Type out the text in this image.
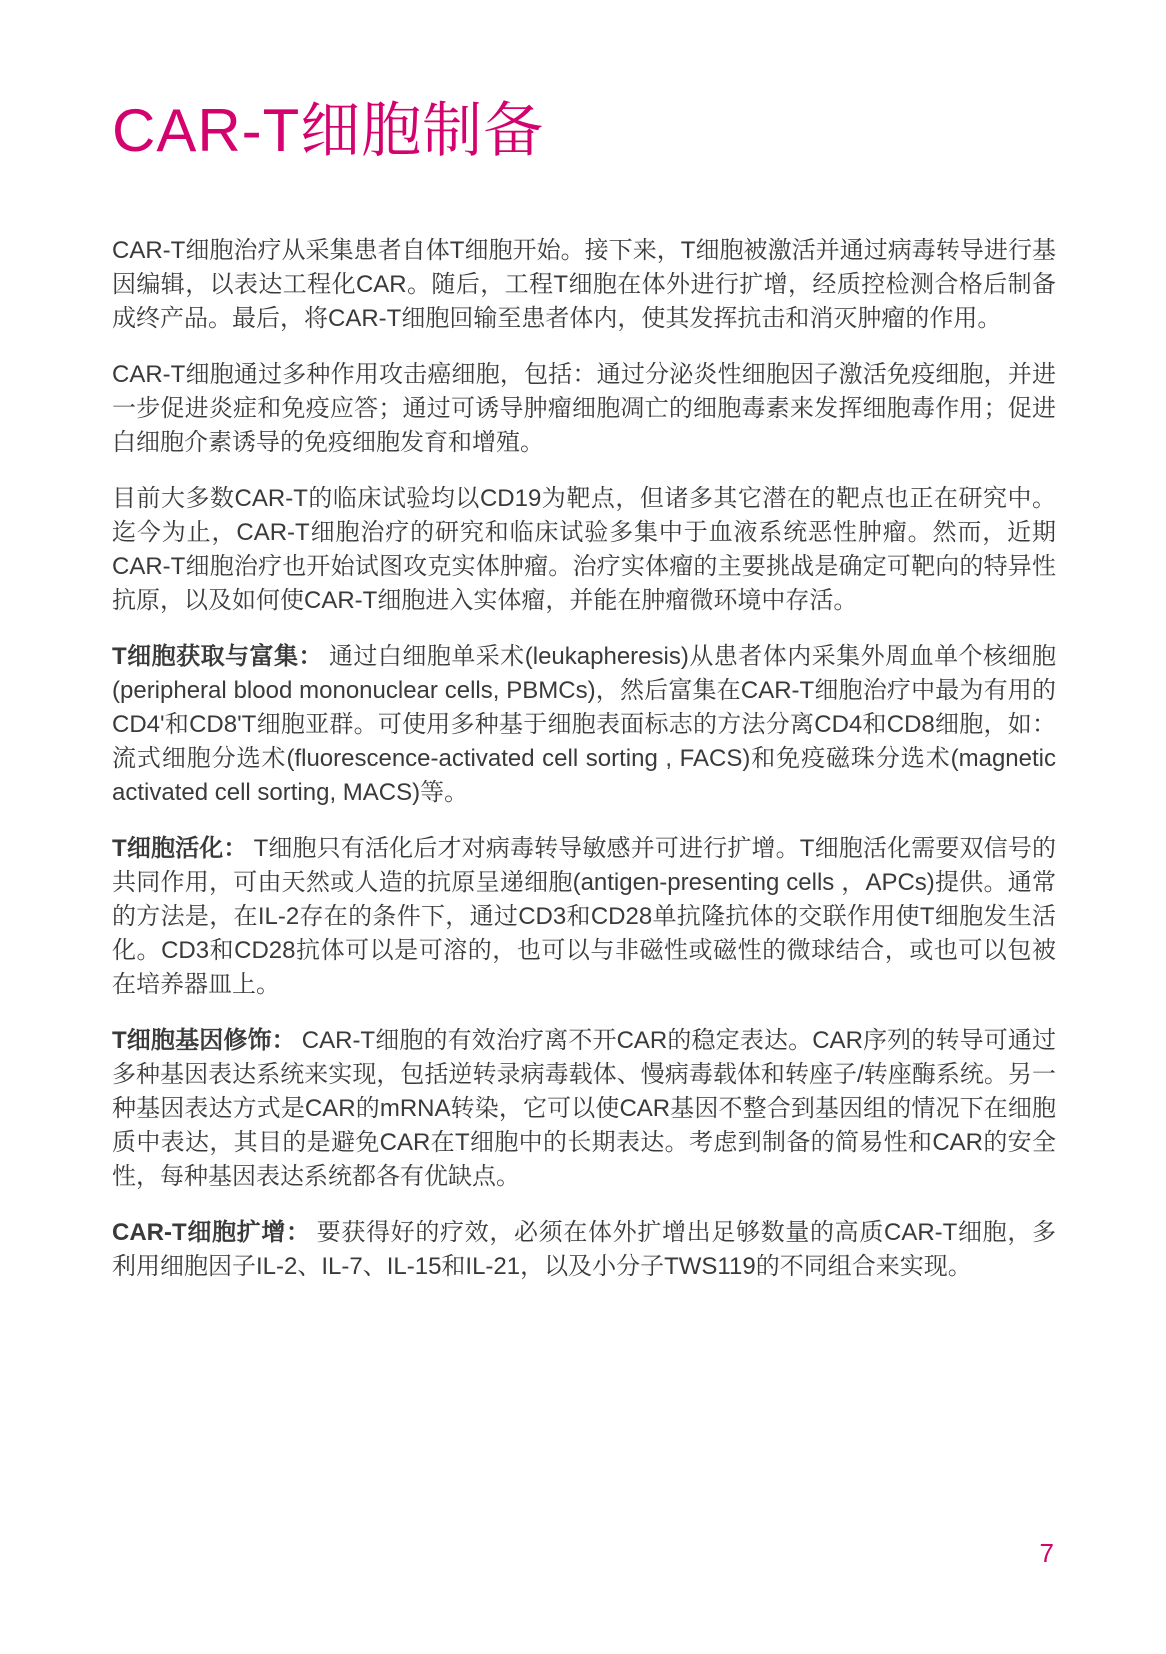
CAR-T细胞制备

CAR-T细胞治疗从采集患者自体T细胞开始。接下来，T细胞被激活并通过病毒转导进行基因编辑，以表达工程化CAR。随后，工程T细胞在体外进行扩增，经质控检测合格后制备成终产品。最后，将CAR-T细胞回输至患者体内，使其发挥抗击和消灭肿瘤的作用。

CAR-T细胞通过多种作用攻击癌细胞，包括：通过分泌炎性细胞因子激活免疫细胞，并进一步促进炎症和免疫应答；通过可诱导肿瘤细胞凋亡的细胞毒素来发挥细胞毒作用；促进白细胞介素诱导的免疫细胞发育和增殖。

目前大多数CAR-T的临床试验均以CD19为靶点，但诸多其它潜在的靶点也正在研究中。迄今为止，CAR-T细胞治疗的研究和临床试验多集中于血液系统恶性肿瘤。然而，近期CAR-T细胞治疗也开始试图攻克实体肿瘤。治疗实体瘤的主要挑战是确定可靶向的特异性抗原，以及如何使CAR-T细胞进入实体瘤，并能在肿瘤微环境中存活。

T细胞获取与富集： 通过白细胞单采术(leukapheresis)从患者体内采集外周血单个核细胞(peripheral blood mononuclear cells, PBMCs)，然后富集在CAR-T细胞治疗中最为有用的CD4'和CD8'T细胞亚群。可使用多种基于细胞表面标志的方法分离CD4和CD8细胞，如：流式细胞分选术(fluorescence-activated cell sorting , FACS)和免疫磁珠分选术(magnetic activated cell sorting, MACS)等。

T细胞活化： T细胞只有活化后才对病毒转导敏感并可进行扩增。T细胞活化需要双信号的共同作用，可由天然或人造的抗原呈递细胞(antigen-presenting cells ，APCs)提供。通常的方法是，在IL-2存在的条件下，通过CD3和CD28单抗隆抗体的交联作用使T细胞发生活化。CD3和CD28抗体可以是可溶的，也可以与非磁性或磁性的微球结合，或也可以包被在培养器皿上。

T细胞基因修饰： CAR-T细胞的有效治疗离不开CAR的稳定表达。CAR序列的转导可通过多种基因表达系统来实现，包括逆转录病毒载体、慢病毒载体和转座子/转座酶系统。另一种基因表达方式是CAR的mRNA转染，它可以使CAR基因不整合到基因组的情况下在细胞质中表达，其目的是避免CAR在T细胞中的长期表达。考虑到制备的简易性和CAR的安全性，每种基因表达系统都各有优缺点。

CAR-T细胞扩增： 要获得好的疗效，必须在体外扩增出足够数量的高质CAR-T细胞，多利用细胞因子IL-2、IL-7、IL-15和IL-21，以及小分子TWS119的不同组合来实现。

7
